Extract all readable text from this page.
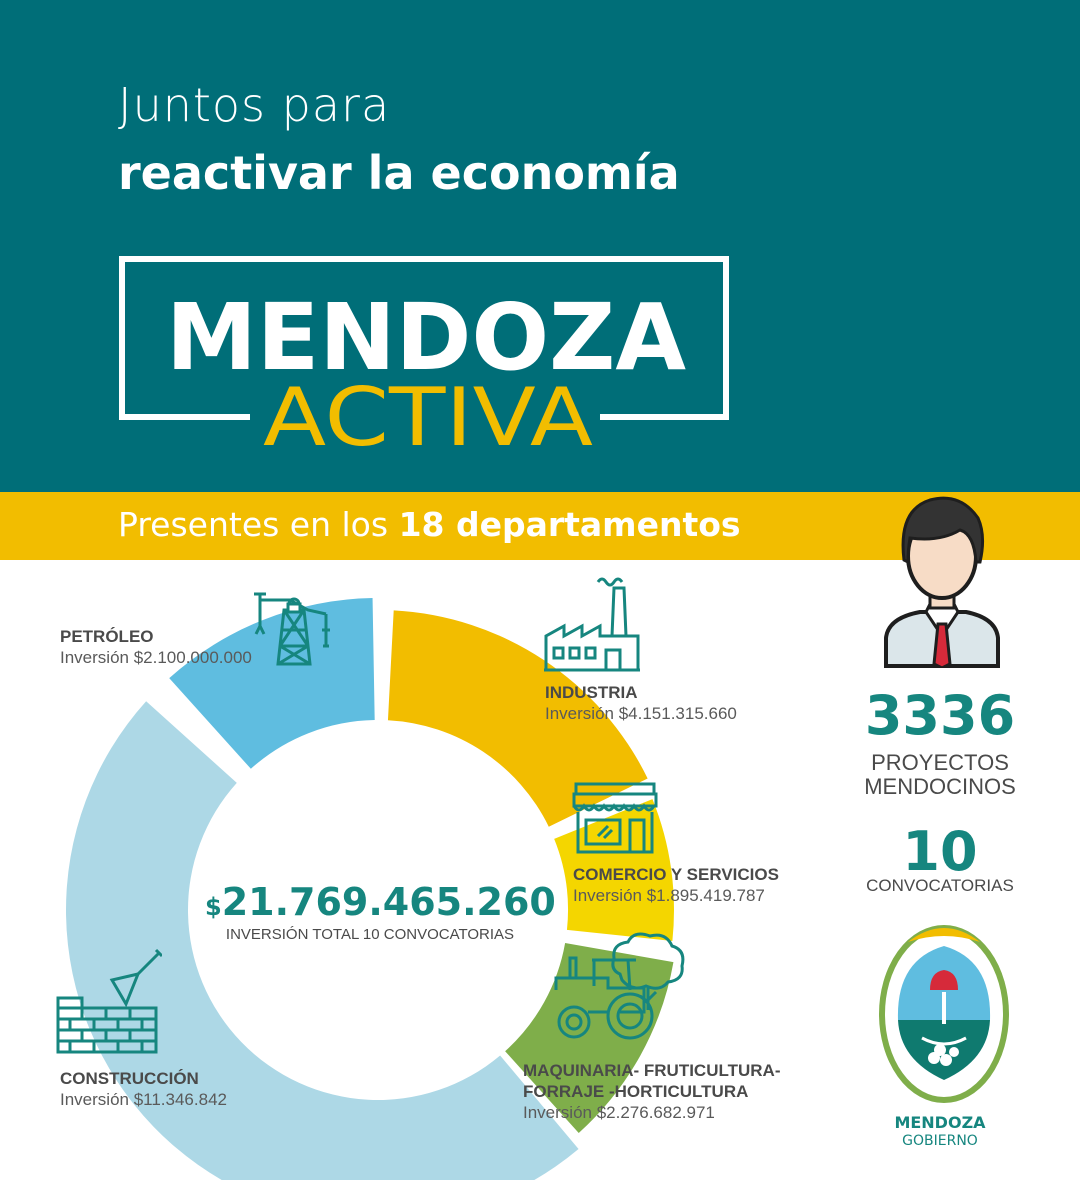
Juntos para
reactivar la economía
MENDOZA
ACTIVA
Presentes en los 18 departamentos
PETRÓLEO
Inversión $2.100.000.000
INDUSTRIA
Inversión $4.151.315.660
COMERCIO Y SERVICIOS
Inversión $1.895.419.787
MAQUINARIA- FRUTICULTURA-
FORRAJE -HORTICULTURA
Inversión $2.276.682.971
CONSTRUCCIÓN
Inversión $11.346.842
$21.769.465.260
INVERSIÓN TOTAL 10 CONVOCATORIAS
3336
PROYECTOS
MENDOCINOS
10
CONVOCATORIAS
MENDOZA
GOBIERNO
